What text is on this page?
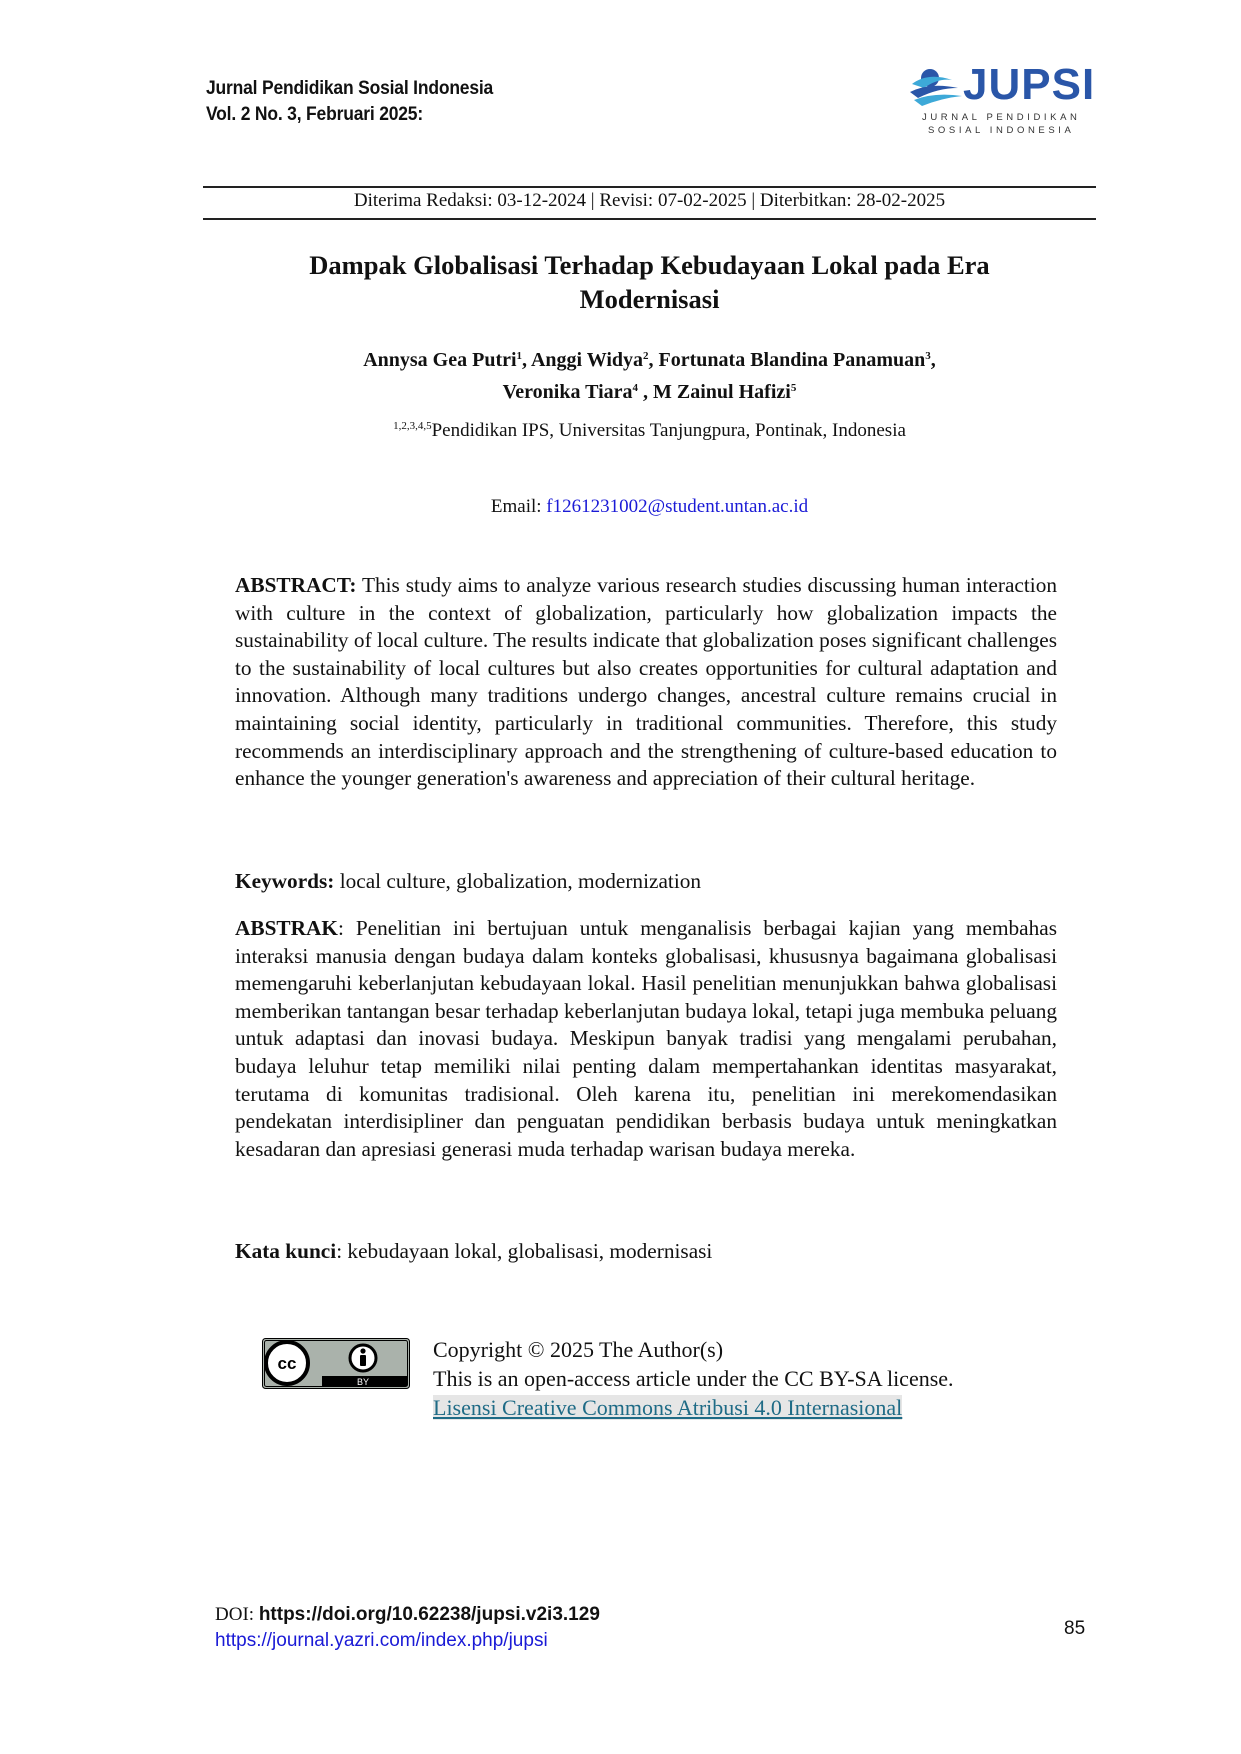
Jurnal Pendidikan Sosial Indonesia
Vol. 2 No. 3, Februari 2025:
JUPSI
JURNAL PENDIDIKAN
SOSIAL INDONESIA
Diterima Redaksi: 03-12-2024 | Revisi: 07-02-2025 | Diterbitkan: 28-02-2025
Dampak Globalisasi Terhadap Kebudayaan Lokal pada Era
Modernisasi
Annysa Gea Putri$^1$, Anggi Widya$^2$, Fortunata Blandina Panamuan$^3$,
Veronika Tiara$^4$ , M Zainul Hafizi$^5$
$^{1,2,3,4,5}$Pendidikan IPS, Universitas Tanjungpura, Pontinak, Indonesia
Email: f1261231002@student.untan.ac.id
ABSTRACT: This study aims to analyze various research studies discussing human interaction with culture in the context of globalization, particularly how globalization impacts the sustainability of local culture. The results indicate that globalization poses significant challenges to the sustainability of local cultures but also creates opportunities for cultural adaptation and innovation. Although many traditions undergo changes, ancestral culture remains crucial in maintaining social identity, particularly in traditional communities. Therefore, this study recommends an interdisciplinary approach and the strengthening of culture-based education to enhance the younger generation's awareness and appreciation of their cultural heritage.
Keywords: local culture, globalization, modernization
ABSTRAK: Penelitian ini bertujuan untuk menganalisis berbagai kajian yang membahas interaksi manusia dengan budaya dalam konteks globalisasi, khususnya bagaimana globalisasi memengaruhi keberlanjutan kebudayaan lokal. Hasil penelitian menunjukkan bahwa globalisasi memberikan tantangan besar terhadap keberlanjutan budaya lokal, tetapi juga membuka peluang untuk adaptasi dan inovasi budaya. Meskipun banyak tradisi yang mengalami perubahan, budaya leluhur tetap memiliki nilai penting dalam mempertahankan identitas masyarakat, terutama di komunitas tradisional. Oleh karena itu, penelitian ini merekomendasikan pendekatan interdisipliner dan penguatan pendidikan berbasis budaya untuk meningkatkan kesadaran dan apresiasi generasi muda terhadap warisan budaya mereka.
Kata kunci: kebudayaan lokal, globalisasi, modernisasi
cc
BY
Copyright © 2025 The Author(s)
This is an open-access article under the CC BY-SA license.
Lisensi Creative Commons Atribusi 4.0 Internasional
DOI: https://doi.org/10.62238/jupsi.v2i3.129
https://journal.yazri.com/index.php/jupsi
85
